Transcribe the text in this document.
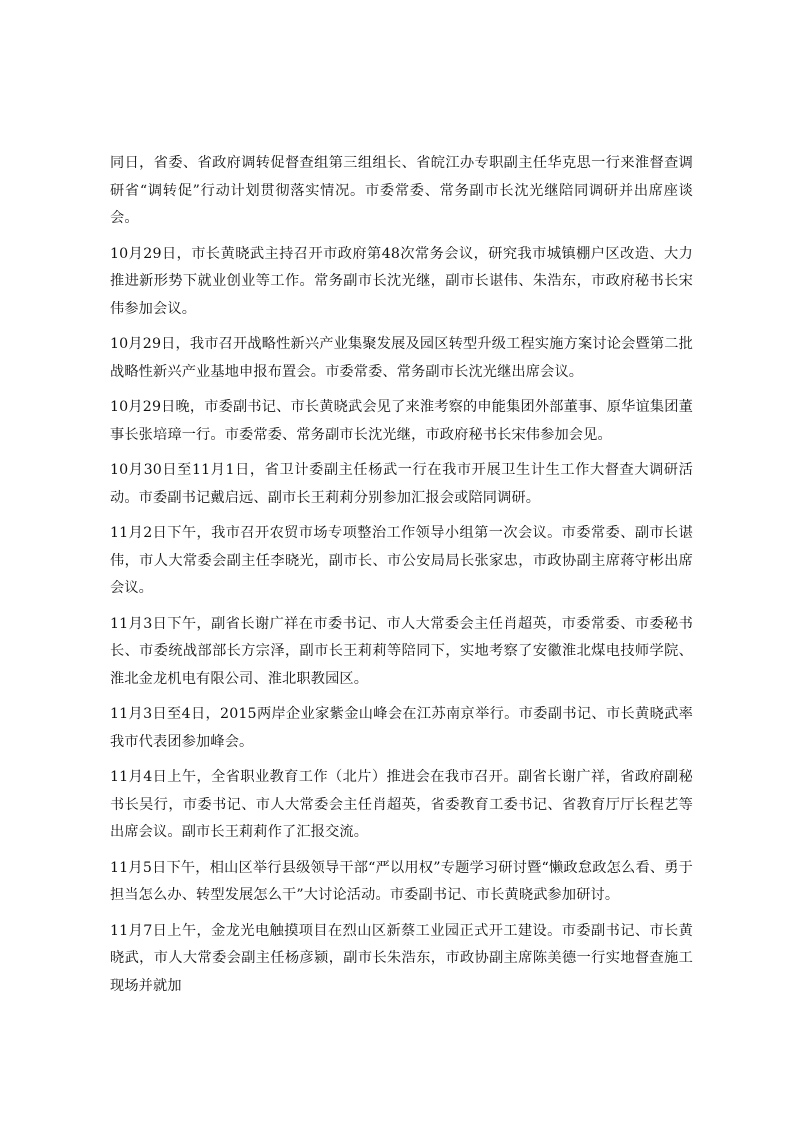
同日，省委、省政府调转促督查组第三组组长、省皖江办专职副主任华克思一行来淮督查调研省“调转促”行动计划贯彻落实情况。市委常委、常务副市长沈光继陪同调研并出席座谈会。

10月29日，市长黄晓武主持召开市政府第48次常务会议，研究我市城镇棚户区改造、大力推进新形势下就业创业等工作。常务副市长沈光继，副市长谌伟、朱浩东，市政府秘书长宋伟参加会议。

10月29日，我市召开战略性新兴产业集聚发展及园区转型升级工程实施方案讨论会暨第二批战略性新兴产业基地申报布置会。市委常委、常务副市长沈光继出席会议。

10月29日晚，市委副书记、市长黄晓武会见了来淮考察的申能集团外部董事、原华谊集团董事长张培璋一行。市委常委、常务副市长沈光继，市政府秘书长宋伟参加会见。

10月30日至11月1日，省卫计委副主任杨武一行在我市开展卫生计生工作大督查大调研活动。市委副书记戴启远、副市长王莉莉分别参加汇报会或陪同调研。

11月2日下午，我市召开农贸市场专项整治工作领导小组第一次会议。市委常委、副市长谌伟，市人大常委会副主任李晓光，副市长、市公安局局长张家忠，市政协副主席蒋守彬出席会议。

11月3日下午，副省长谢广祥在市委书记、市人大常委会主任肖超英，市委常委、市委秘书长、市委统战部部长方宗泽，副市长王莉莉等陪同下，实地考察了安徽淮北煤电技师学院、淮北金龙机电有限公司、淮北职教园区。

11月3日至4日，2015两岸企业家紫金山峰会在江苏南京举行。市委副书记、市长黄晓武率我市代表团参加峰会。

11月4日上午，全省职业教育工作（北片）推进会在我市召开。副省长谢广祥，省政府副秘书长吴行，市委书记、市人大常委会主任肖超英，省委教育工委书记、省教育厅厅长程艺等出席会议。副市长王莉莉作了汇报交流。

11月5日下午，相山区举行县级领导干部“严以用权”专题学习研讨暨“懒政怠政怎么看、勇于担当怎么办、转型发展怎么干”大讨论活动。市委副书记、市长黄晓武参加研讨。

11月7日上午，金龙光电触摸项目在烈山区新蔡工业园正式开工建设。市委副书记、市长黄晓武，市人大常委会副主任杨彦颍，副市长朱浩东，市政协副主席陈美德一行实地督查施工现场并就加
